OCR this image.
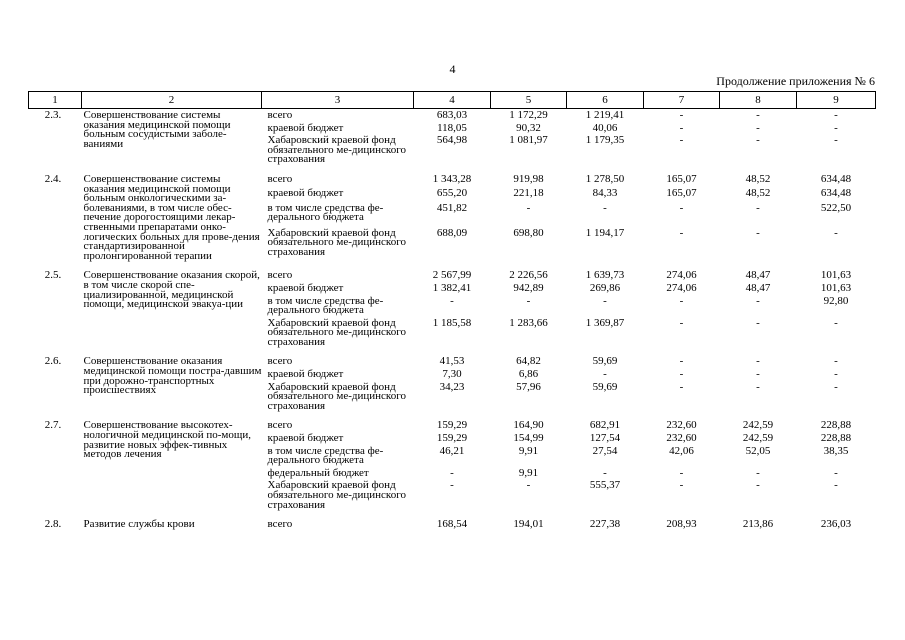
4
Продолжение приложения № 6
1	2	3	4	5	6	7	8	9
2.3.	Совершенствование системы оказания медицинской помощи больным сосудистыми заболе-ваниями	всего	683,03	1 172,29	1 219,41	-	-	-
		краевой бюджет	118,05	90,32	40,06	-	-	-
		Хабаровский краевой фонд обязательного ме-дицинского страхования	564,98	1 081,97	1 179,35	-	-	-

2.4.	Совершенствование системы оказания медицинской помощи больным онкологическими за-болеваниями, в том числе обес-печение дорогостоящими лекар-ственными препаратами онко-логических больных для прове-дения стандартизированной пролонгированной терапии	всего	1 343,28	919,98	1 278,50	165,07	48,52	634,48
		краевой бюджет	655,20	221,18	84,33	165,07	48,52	634,48
		в том числе средства фе-дерального бюджета	451,82	-	-	-	-	522,50
		Хабаровский краевой фонд обязательного ме-дицинского страхования	688,09	698,80	1 194,17	-	-	-

2.5.	Совершенствование оказания скорой, в том числе скорой спе-циализированной, медицинской помощи, медицинской эвакуа-ции	всего	2 567,99	2 226,56	1 639,73	274,06	48,47	101,63
		краевой бюджет	1 382,41	942,89	269,86	274,06	48,47	101,63
		в том числе средства фе-дерального бюджета	-	-	-	-	-	92,80
		Хабаровский краевой фонд обязательного ме-дицинского страхования	1 185,58	1 283,66	1 369,87	-	-	-

2.6.	Совершенствование оказания медицинской помощи постра-давшим при дорожно-транспортных происшествиях	всего	41,53	64,82	59,69	-	-	-
		краевой бюджет	7,30	6,86	-	-	-	-
		Хабаровский краевой фонд обязательного ме-дицинского страхования	34,23	57,96	59,69	-	-	-

2.7.	Совершенствование высокотех-нологичной медицинской по-мощи, развитие новых эффек-тивных методов лечения	всего	159,29	164,90	682,91	232,60	242,59	228,88
		краевой бюджет	159,29	154,99	127,54	232,60	242,59	228,88
		в том числе средства фе-дерального бюджета	46,21	9,91	27,54	42,06	52,05	38,35
		федеральный бюджет	-	9,91	-	-	-	-
		Хабаровский краевой фонд обязательного ме-дицинского страхования	-	-	555,37	-	-	-

2.8.	Развитие службы крови	всего	168,54	194,01	227,38	208,93	213,86	236,03
